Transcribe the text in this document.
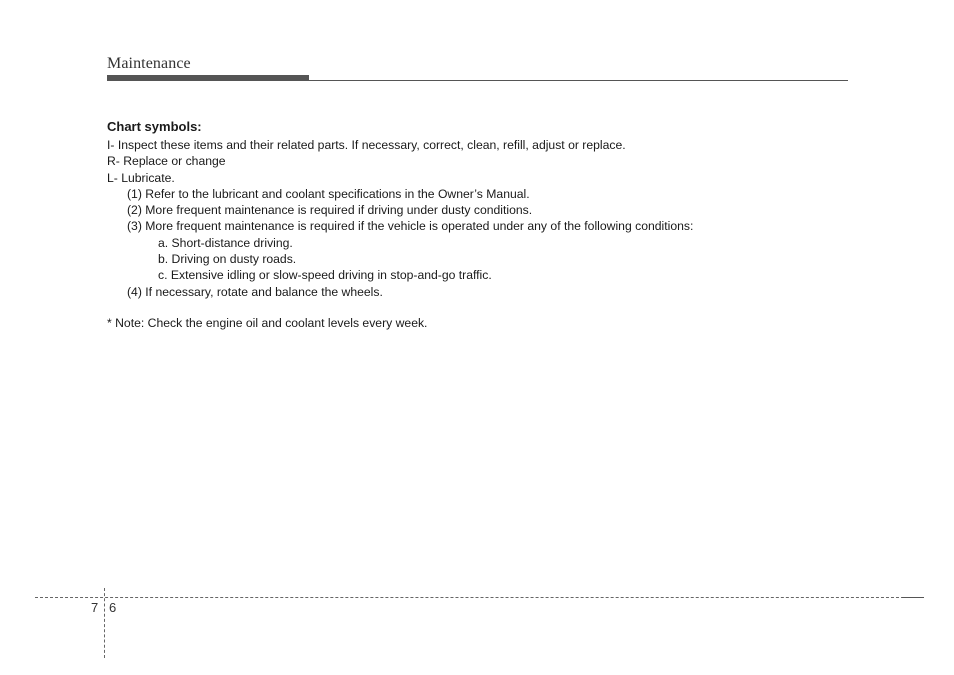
Maintenance
Chart symbols:
I- Inspect these items and their related parts. If necessary, correct, clean, refill, adjust or replace.
R- Replace or change
L- Lubricate.
(1) Refer to the lubricant and coolant specifications in the Owner’s Manual.
(2) More frequent maintenance is required if driving under dusty conditions.
(3) More frequent maintenance is required if the vehicle is operated under any of the following conditions:
a. Short-distance driving.
b. Driving on dusty roads.
c. Extensive idling or slow-speed driving in stop-and-go traffic.
(4) If necessary, rotate and balance the wheels.
* Note: Check the engine oil and coolant levels every week.
7 6
